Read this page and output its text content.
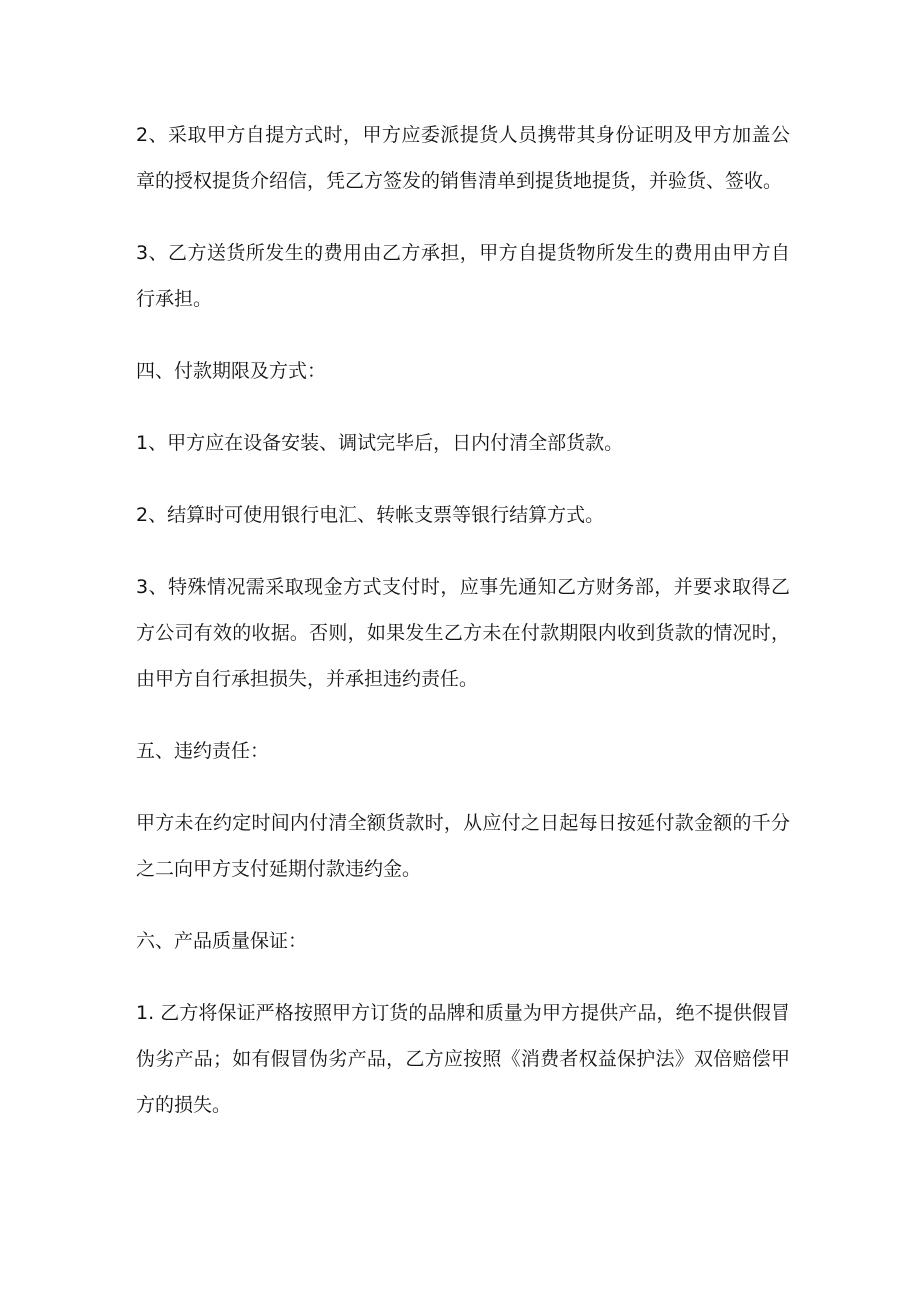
2、采取甲方自提方式时，甲方应委派提货人员携带其身份证明及甲方加盖公章的授权提货介绍信，凭乙方签发的销售清单到提货地提货，并验货、签收。

3、乙方送货所发生的费用由乙方承担，甲方自提货物所发生的费用由甲方自行承担。

四、付款期限及方式：

1、甲方应在设备安装、调试完毕后，日内付清全部货款。

2、结算时可使用银行电汇、转帐支票等银行结算方式。

3、特殊情况需采取现金方式支付时，应事先通知乙方财务部，并要求取得乙方公司有效的收据。否则，如果发生乙方未在付款期限内收到货款的情况时，由甲方自行承担损失，并承担违约责任。

五、违约责任：

甲方未在约定时间内付清全额货款时，从应付之日起每日按延付款金额的千分之二向甲方支付延期付款违约金。

六、产品质量保证：

1. 乙方将保证严格按照甲方订货的品牌和质量为甲方提供产品，绝不提供假冒伪劣产品；如有假冒伪劣产品，乙方应按照《消费者权益保护法》双倍赔偿甲方的损失。
